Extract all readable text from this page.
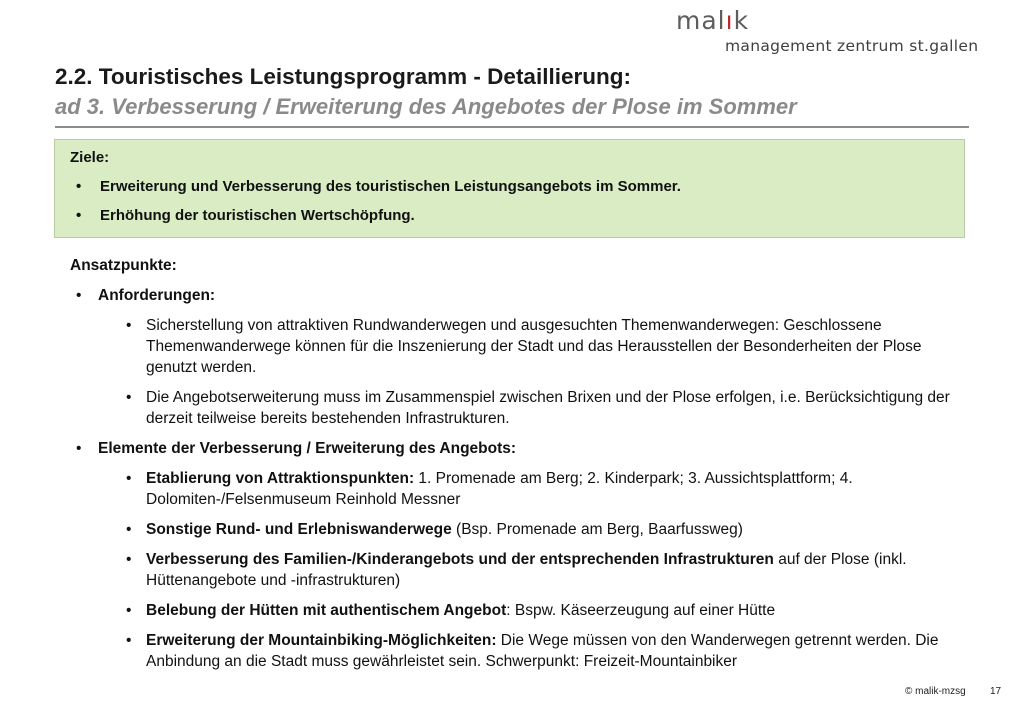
malık
management zentrum st.gallen
2.2. Touristisches Leistungsprogramm - Detaillierung:
ad 3. Verbesserung / Erweiterung des Angebotes der Plose im Sommer
Ziele:
• Erweiterung und Verbesserung des touristischen Leistungsangebots im Sommer.
• Erhöhung der touristischen Wertschöpfung.
Ansatzpunkte:
• Anforderungen:
• Sicherstellung von attraktiven Rundwanderwegen und ausgesuchten Themenwanderwegen: Geschlossene Themenwanderwege können für die Inszenierung der Stadt und das Herausstellen der Besonderheiten der Plose genutzt werden.
• Die Angebotserweiterung muss im Zusammenspiel zwischen Brixen und der Plose erfolgen, i.e. Berücksichtigung der derzeit teilweise bereits bestehenden Infrastrukturen.
• Elemente der Verbesserung / Erweiterung des Angebots:
• Etablierung von Attraktionspunkten: 1. Promenade am Berg; 2. Kinderpark; 3. Aussichtsplattform; 4. Dolomiten-/Felsenmuseum Reinhold Messner
• Sonstige Rund- und Erlebniswanderwege (Bsp. Promenade am Berg, Baarfussweg)
• Verbesserung des Familien-/Kinderangebots und der entsprechenden Infrastrukturen auf der Plose (inkl. Hüttenangebote und -infrastrukturen)
• Belebung der Hütten mit authentischem Angebot: Bspw. Käseerzeugung auf einer Hütte
• Erweiterung der Mountainbiking-Möglichkeiten: Die Wege müssen von den Wanderwegen getrennt werden. Die Anbindung an die Stadt muss gewährleistet sein. Schwerpunkt: Freizeit-Mountainbiker
© malik-mzsg 17
